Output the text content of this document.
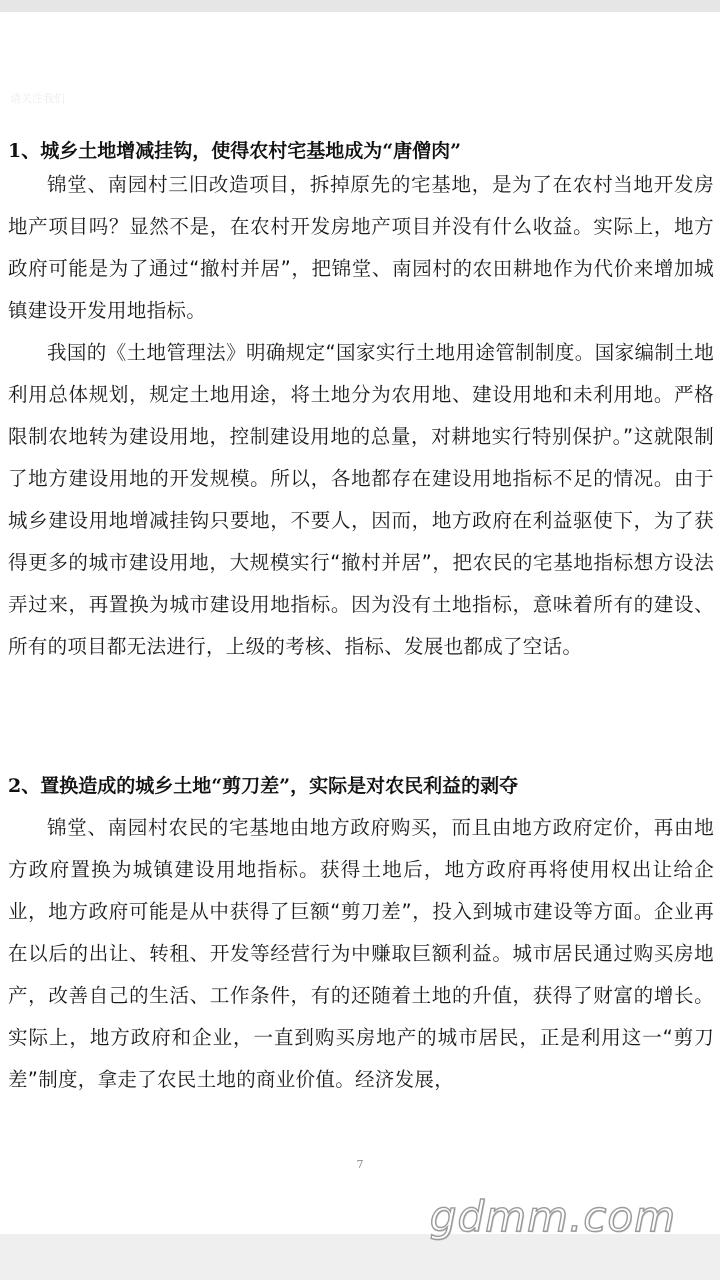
请关注我们
1、城乡土地增减挂钩，使得农村宅基地成为“唐僧肉”
锦堂、南园村三旧改造项目，拆掉原先的宅基地，是为了在农村当地开发房地产项目吗？显然不是，在农村开发房地产项目并没有什么收益。实际上，地方政府可能是为了通过“撤村并居”，把锦堂、南园村的农田耕地作为代价来增加城镇建设开发用地指标。
我国的《土地管理法》明确规定“国家实行土地用途管制制度。国家编制土地利用总体规划，规定土地用途，将土地分为农用地、建设用地和未利用地。严格限制农地转为建设用地，控制建设用地的总量，对耕地实行特别保护。”这就限制了地方建设用地的开发规模。所以，各地都存在建设用地指标不足的情况。由于城乡建设用地增减挂钩只要地，不要人，因而，地方政府在利益驱使下，为了获得更多的城市建设用地，大规模实行“撤村并居”，把农民的宅基地指标想方设法弄过来，再置换为城市建设用地指标。因为没有土地指标，意味着所有的建设、所有的项目都无法进行，上级的考核、指标、发展也都成了空话。
2、置换造成的城乡土地“剪刀差”，实际是对农民利益的剥夺
锦堂、南园村农民的宅基地由地方政府购买，而且由地方政府定价，再由地方政府置换为城镇建设用地指标。获得土地后，地方政府再将使用权出让给企业，地方政府可能是从中获得了巨额“剪刀差”，投入到城市建设等方面。企业再在以后的出让、转租、开发等经营行为中赚取巨额利益。城市居民通过购买房地产，改善自己的生活、工作条件，有的还随着土地的升值，获得了财富的增长。实际上，地方政府和企业，一直到购买房地产的城市居民，正是利用这一“剪刀差”制度，拿走了农民土地的商业价值。经济发展，
7
gdmm.com
